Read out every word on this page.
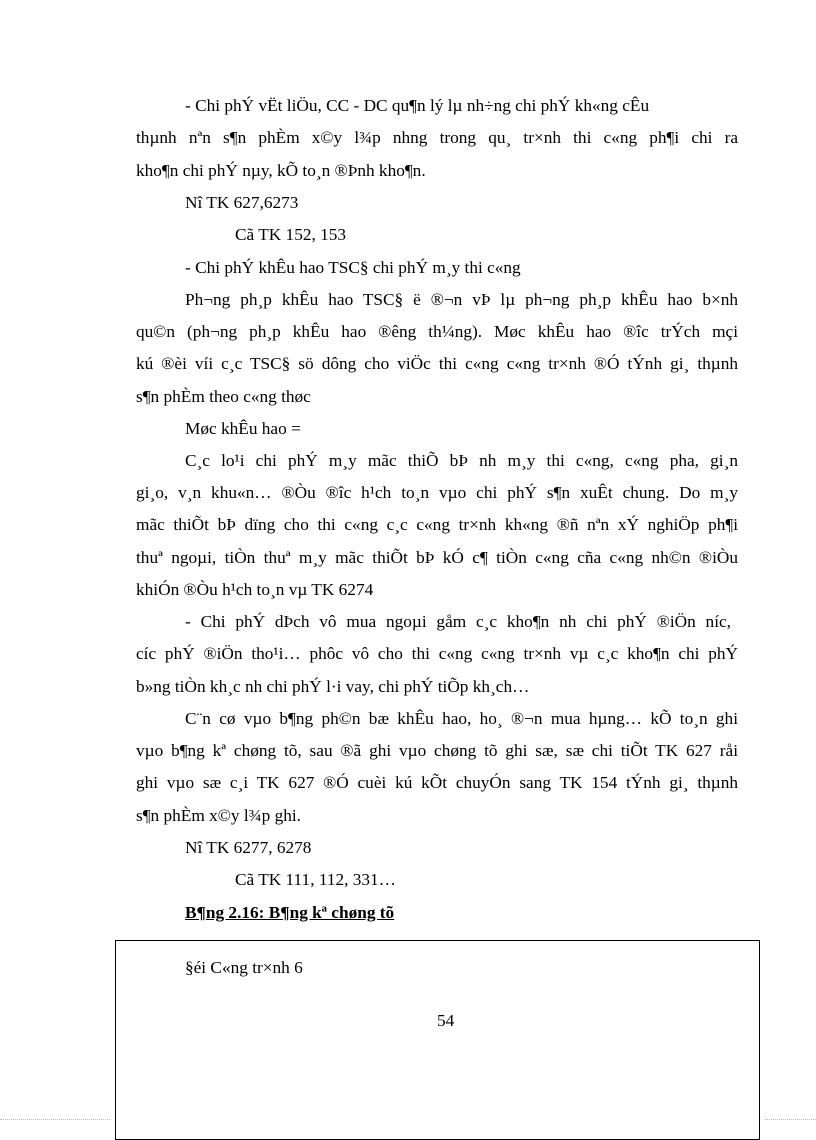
- Chi phÝ vËt liÖu, CC - DC qu¶n lý lµ nh÷ng chi phÝ kh«ng cÊu
thµnh nªn s¶n phÈm x©y l¾p nhng trong qu¸ tr×nh thi c«ng ph¶i chi ra
kho¶n chi phÝ nµy, kÕ to¸n ®Þnh kho¶n.
Nî TK 627,6273
Cã TK 152, 153
- Chi phÝ khÊu hao TSC§ chi phÝ m¸y thi c«ng
Ph¬ng ph¸p khÊu hao TSC§ ë ®¬n vÞ lµ ph¬ng ph¸p khÊu hao b×nh
qu©n (ph¬ng ph¸p khÊu hao ®êng th¼ng). Møc khÊu hao ®îc trÝch mçi
kú ®èi víi c¸c TSC§ sö dông cho viÖc thi c«ng c«ng tr×nh ®Ó tÝnh gi¸ thµnh
s¶n phÈm theo c«ng thøc
Møc khÊu hao =
C¸c lo¹i chi phÝ m¸y mãc thiÕ bÞ nh m¸y thi c«ng, c«ng pha, gi¸n
gi¸o, v¸n khu«n… ®Òu ®îc h¹ch to¸n vµo chi phÝ s¶n xuÊt chung. Do m¸y
mãc thiÕt bÞ dïng cho thi c«ng c¸c c«ng tr×nh kh«ng ®ñ nªn xÝ nghiÖp ph¶i
thuª ngoµi, tiÒn thuª m¸y mãc thiÕt bÞ kÓ c¶ tiÒn c«ng cña c«ng nh©n ®iÒu
khiÓn ®Òu h¹ch to¸n vµ TK 6274
- Chi phÝ dÞch vô mua ngoµi gåm c¸c kho¶n nh chi phÝ ®iÖn níc,
cíc phÝ ®iÖn tho¹i… phôc vô cho thi c«ng c«ng tr×nh vµ c¸c kho¶n chi phÝ
b»ng tiÒn kh¸c nh chi phÝ l·i vay, chi phÝ tiÕp kh¸ch…
C¨n cø vµo b¶ng ph©n bæ khÊu hao, ho¸ ®¬n mua hµng… kÕ to¸n ghi
vµo b¶ng kª chøng tõ, sau ®ã ghi vµo chøng tõ ghi sæ, sæ chi tiÕt TK 627 råi
ghi vµo sæ c¸i TK 627 ®Ó cuèi kú kÕt chuyÓn sang TK 154 tÝnh gi¸ thµnh
s¶n phÈm x©y l¾p ghi.
Nî TK 6277, 6278
Cã TK 111, 112, 331…
B¶ng 2.16: B¶ng kª chøng tõ
§éi C«ng tr×nh 6
54
